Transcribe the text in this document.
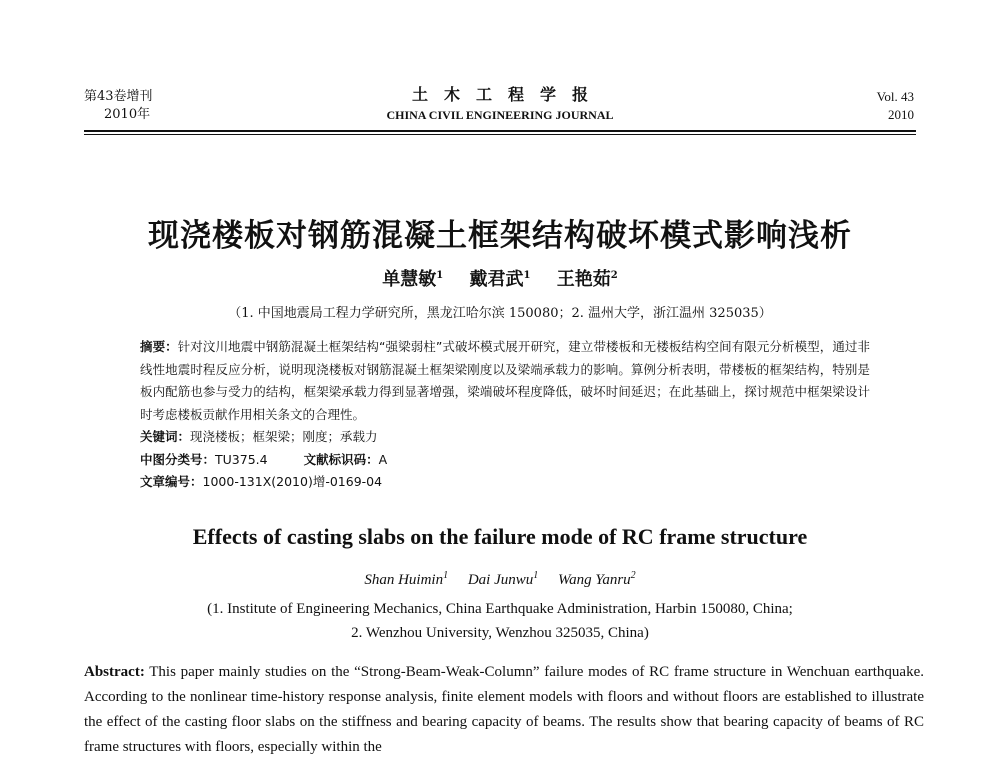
第43卷增刊
2010年
土木工程学报
CHINA CIVIL ENGINEERING JOURNAL
Vol. 43
2010
现浇楼板对钢筋混凝土框架结构破坏模式影响浅析
单慧敏$^1$ 戴君武$^1$ 王艳茹$^2$
（1. 中国地震局工程力学研究所，黑龙江哈尔滨 150080；2. 温州大学，浙江温州 325035）
摘要：针对汶川地震中钢筋混凝土框架结构“强梁弱柱”式破坏模式展开研究，建立带楼板和无楼板结构空间有限元分析模型，通过非线性地震时程反应分析，说明现浇楼板对钢筋混凝土框架梁刚度以及梁端承载力的影响。算例分析表明，带楼板的框架结构，特别是板内配筋也参与受力的结构，框架梁承载力得到显著增强，梁端破坏程度降低，破坏时间延迟；在此基础上，探讨规范中框架梁设计时考虑楼板贡献作用相关条文的合理性。
关键词：现浇楼板；框架梁；刚度；承载力
中图分类号：TU375.4	文献标识码：A
文章编号：1000-131X(2010)增-0169-04
Effects of casting slabs on the failure mode of RC frame structure
Shan Huimin$^1$ Dai Junwu$^1$ Wang Yanru$^2$
(1. Institute of Engineering Mechanics, China Earthquake Administration, Harbin 150080, China;
2. Wenzhou University, Wenzhou 325035, China)
Abstract: This paper mainly studies on the “Strong-Beam-Weak-Column” failure modes of RC frame structure in Wenchuan earthquake. According to the nonlinear time-history response analysis, finite element models with floors and without floors are established to illustrate the effect of the casting floor slabs on the stiffness and bearing capacity of beams. The results show that bearing capacity of beams of RC frame structures with floors, especially within the
